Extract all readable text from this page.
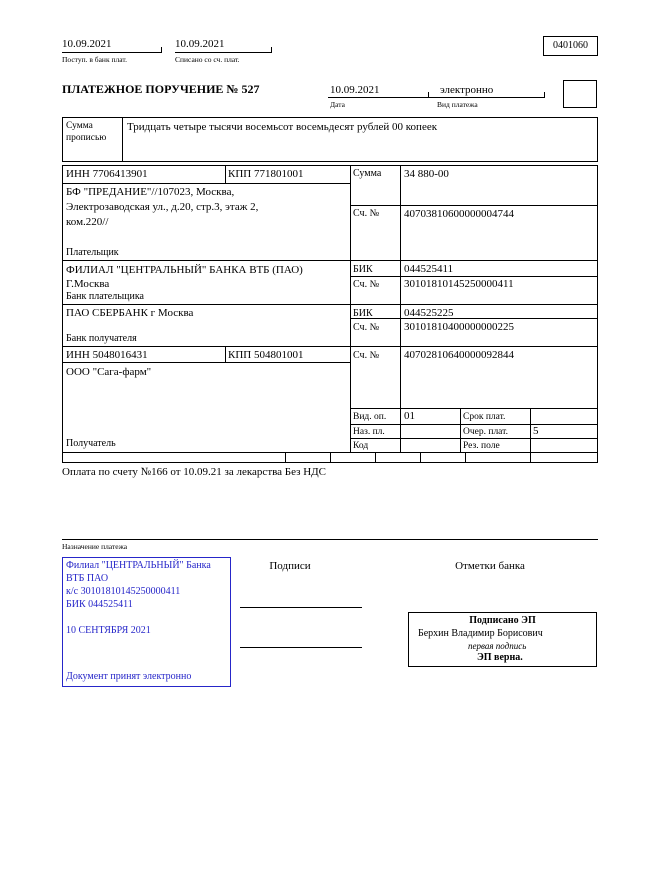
10.09.2021	10.09.2021
Поступ. в банк плат.	Списано со сч. плат.
0401060
ПЛАТЕЖНОЕ ПОРУЧЕНИЕ № 527	10.09.2021	электронно
Дата	Вид платежа
Сумма прописью
Тридцать четыре тысячи восемьсот восемьдесят рублей 00 копеек
ИНН 7706413901	КПП 771801001	Сумма 34 880-00
БФ "ПРЕДАНИЕ"//107023, Москва, Электрозаводская ул., д.20, стр.3, этаж 2, ком.220//
Сч. № 40703810600000004744
Плательщик
ФИЛИАЛ "ЦЕНТРАЛЬНЫЙ" БАНКА ВТБ (ПАО) Г.Москва
БИК	044525411
Сч. № 30101810145250000411
Банк плательщика
ПАО СБЕРБАНК г Москва	БИК	044525225
Сч. № 30101810400000000225
Банк получателя
ИНН 5048016431	КПП 504801001	Сч. № 40702810640000092844
ООО "Сага-фарм"
Получатель
Вид. оп. 01	Срок плат.
Наз. пл.	Очер. плат. 5
Код	Рез. поле
Оплата по счету №166 от 10.09.21 за лекарства Без НДС
Назначение платежа
Филиал "ЦЕНТРАЛЬНЫЙ" Банка
ВТБ ПАО
к/с 30101810145250000411
БИК 044525411
10 СЕНТЯБРЯ 2021
Документ принят электронно
Подписи	Отметки банка
Подписано ЭП
Берхин Владимир Борисович
первая подпись
ЭП верна.
